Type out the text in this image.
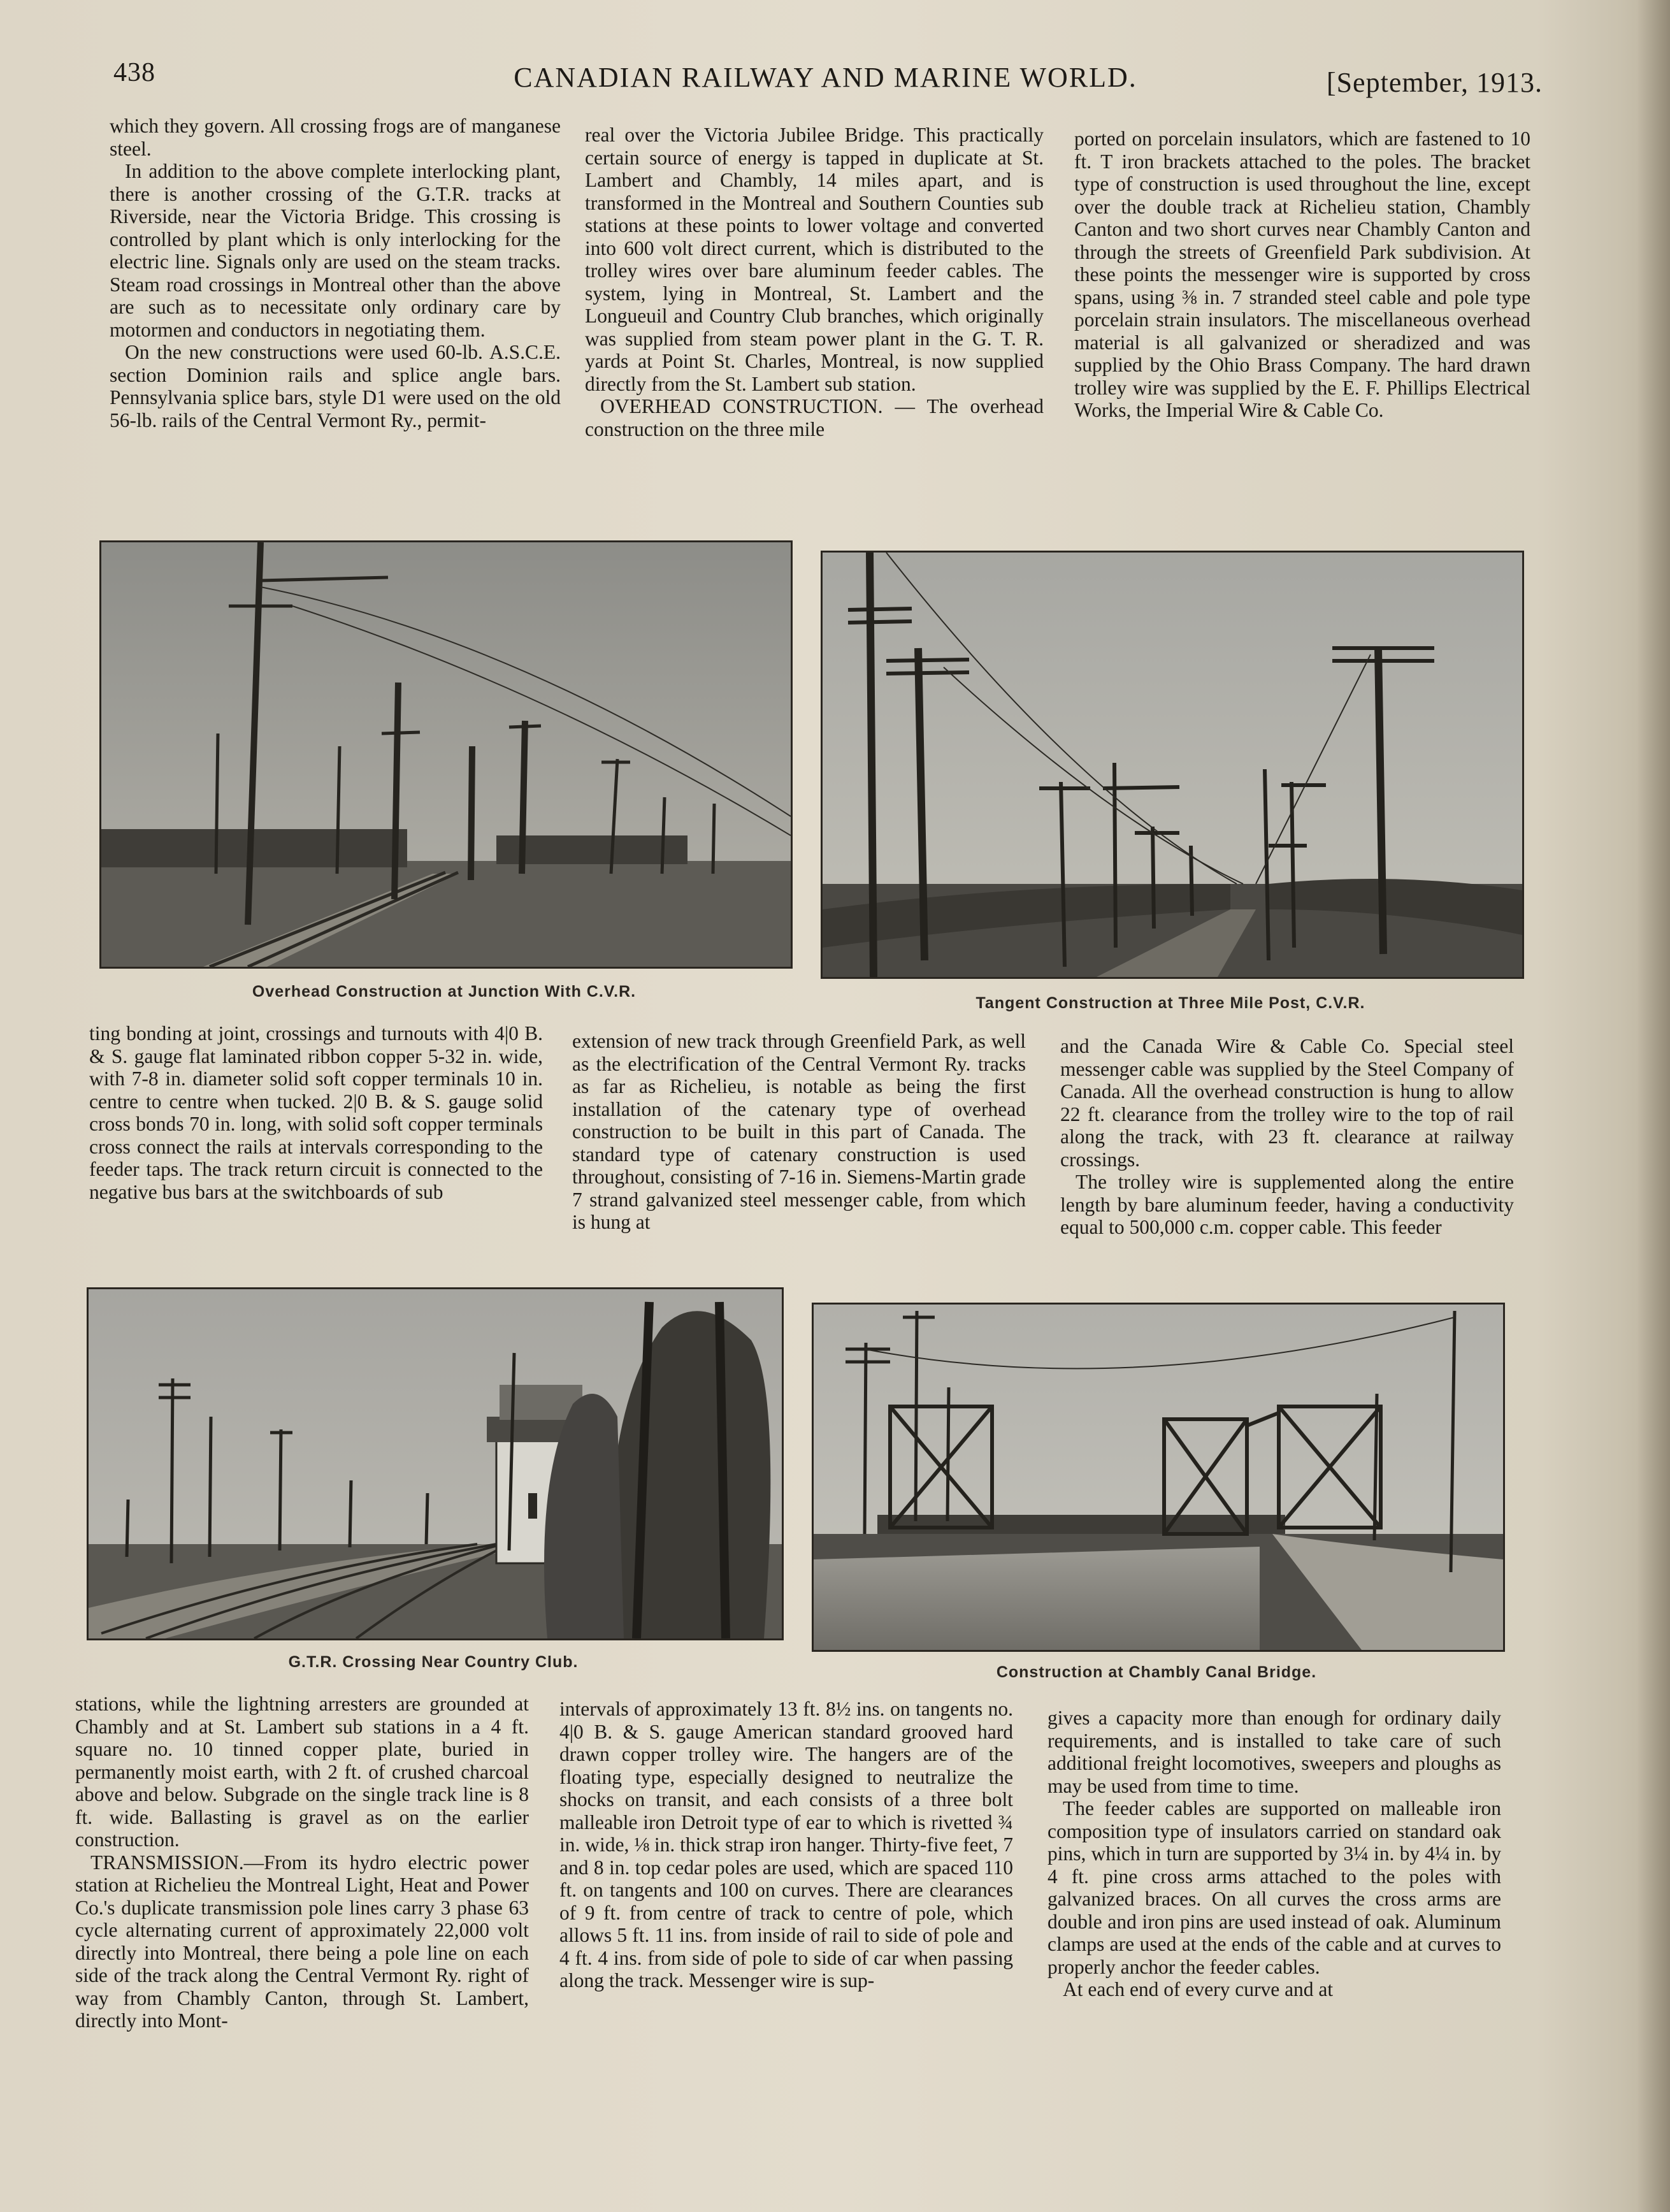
438	CANADIAN RAILWAY AND MARINE WORLD.	[September, 1913.

which they govern. All crossing frogs are of manganese steel.

In addition to the above complete interlocking plant, there is another crossing of the G.T.R. tracks at Riverside, near the Victoria Bridge. This crossing is controlled by plant which is only interlocking for the electric line. Signals only are used on the steam tracks. Steam road crossings in Montreal other than the above are such as to necessitate only ordinary care by motormen and conductors in negotiating them.

On the new constructions were used 60-lb. A.S.C.E. section Dominion rails and splice angle bars. Pennsylvania splice bars, style D1 were used on the old 56-lb. rails of the Central Vermont Ry., permit-

real over the Victoria Jubilee Bridge. This practically certain source of energy is tapped in duplicate at St. Lambert and Chambly, 14 miles apart, and is transformed in the Montreal and Southern Counties sub stations at these points to lower voltage and converted into 600 volt direct current, which is distributed to the trolley wires over bare aluminum feeder cables. The system, lying in Montreal, St. Lambert and the Longueuil and Country Club branches, which originally was supplied from steam power plant in the G. T. R. yards at Point St. Charles, Montreal, is now supplied directly from the St. Lambert sub station.

OVERHEAD CONSTRUCTION. — The overhead construction on the three mile

ported on porcelain insulators, which are fastened to 10 ft. T iron brackets attached to the poles. The bracket type of construction is used throughout the line, except over the double track at Richelieu station, Chambly Canton and two short curves near Chambly Canton and through the streets of Greenfield Park subdivision. At these points the messenger wire is supported by cross spans, using ⅜ in. 7 stranded steel cable and pole type porcelain strain insulators. The miscellaneous overhead material is all galvanized or sheradized and was supplied by the Ohio Brass Company. The hard drawn trolley wire was supplied by the E. F. Phillips Electrical Works, the Imperial Wire & Cable Co.

Overhead Construction at Junction With C.V.R.
Tangent Construction at Three Mile Post, C.V.R.

ting bonding at joint, crossings and turnouts with 4|0 B. & S. gauge flat laminated ribbon copper 5-32 in. wide, with 7-8 in. diameter solid soft copper terminals 10 in. centre to centre when tucked. 2|0 B. & S. gauge solid cross bonds 70 in. long, with solid soft copper terminals cross connect the rails at intervals corresponding to the feeder taps. The track return circuit is connected to the negative bus bars at the switchboards of sub

extension of new track through Greenfield Park, as well as the electrification of the Central Vermont Ry. tracks as far as Richelieu, is notable as being the first installation of the catenary type of overhead construction to be built in this part of Canada. The standard type of catenary construction is used throughout, consisting of 7-16 in. Siemens-Martin grade 7 strand galvanized steel messenger cable, from which is hung at

and the Canada Wire & Cable Co. Special steel messenger cable was supplied by the Steel Company of Canada. All the overhead construction is hung to allow 22 ft. clearance from the trolley wire to the top of rail along the track, with 23 ft. clearance at railway crossings.

The trolley wire is supplemented along the entire length by bare aluminum feeder, having a conductivity equal to 500,000 c.m. copper cable. This feeder

G.T.R. Crossing Near Country Club.
Construction at Chambly Canal Bridge.

stations, while the lightning arresters are grounded at Chambly and at St. Lambert sub stations in a 4 ft. square no. 10 tinned copper plate, buried in permanently moist earth, with 2 ft. of crushed charcoal above and below. Subgrade on the single track line is 8 ft. wide. Ballasting is gravel as on the earlier construction.

TRANSMISSION.—From its hydro electric power station at Richelieu the Montreal Light, Heat and Power Co.'s duplicate transmission pole lines carry 3 phase 63 cycle alternating current of approximately 22,000 volt directly into Montreal, there being a pole line on each side of the track along the Central Vermont Ry. right of way from Chambly Canton, through St. Lambert, directly into Mont-

intervals of approximately 13 ft. 8½ ins. on tangents no. 4|0 B. & S. gauge American standard grooved hard drawn copper trolley wire. The hangers are of the floating type, especially designed to neutralize the shocks on transit, and each consists of a three bolt malleable iron Detroit type of ear to which is rivetted ¾ in. wide, ⅛ in. thick strap iron hanger. Thirty-five feet, 7 and 8 in. top cedar poles are used, which are spaced 110 ft. on tangents and 100 on curves. There are clearances of 9 ft. from centre of track to centre of pole, which allows 5 ft. 11 ins. from inside of rail to side of pole and 4 ft. 4 ins. from side of pole to side of car when passing along the track. Messenger wire is sup-

gives a capacity more than enough for ordinary daily requirements, and is installed to take care of such additional freight locomotives, sweepers and ploughs as may be used from time to time.

The feeder cables are supported on malleable iron composition type of insulators carried on standard oak pins, which in turn are supported by 3¼ in. by 4¼ in. by 4 ft. pine cross arms attached to the poles with galvanized braces. On all curves the cross arms are double and iron pins are used instead of oak. Aluminum clamps are used at the ends of the cable and at curves to properly anchor the feeder cables.

At each end of every curve and at
